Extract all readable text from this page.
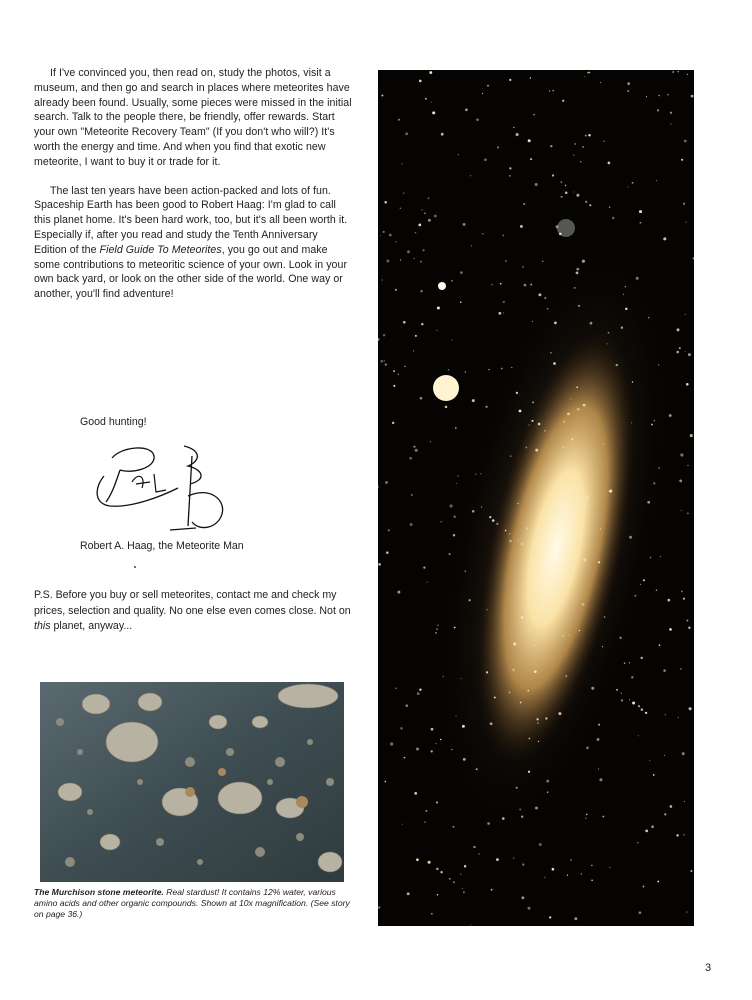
If I've convinced you, then read on, study the photos, visit a museum, and then go and search in places where meteorites have already been found. Usually, some pieces were missed in the initial search. Talk to the people there, be friendly, offer rewards. Start your own "Meteorite Recovery Team" (If you don't who will?) It's worth the energy and time. And when you find that exotic new meteorite, I want to buy it or trade for it.

The last ten years have been action-packed and lots of fun. Spaceship Earth has been good to Robert Haag: I'm glad to call this planet home. It's been hard work, too, but it's all been worth it. Especially if, after you read and study the Tenth Anniversary Edition of the Field Guide To Meteorites, you go out and make some contributions to meteoritic science of your own. Look in your own back yard, or look on the other side of the world. One way or another, you'll find adventure!

Good hunting!
Robert A. Haag, the Meteorite Man

P.S. Before you buy or sell meteorites, contact me and check my prices, selection and quality. No one else even comes close. Not on this planet, anyway...

The Murchison stone meteorite. Real stardust! It contains 12% water, various amino acids and other organic compounds. Shown at 10x magnification. (See story on page 36.)

3
